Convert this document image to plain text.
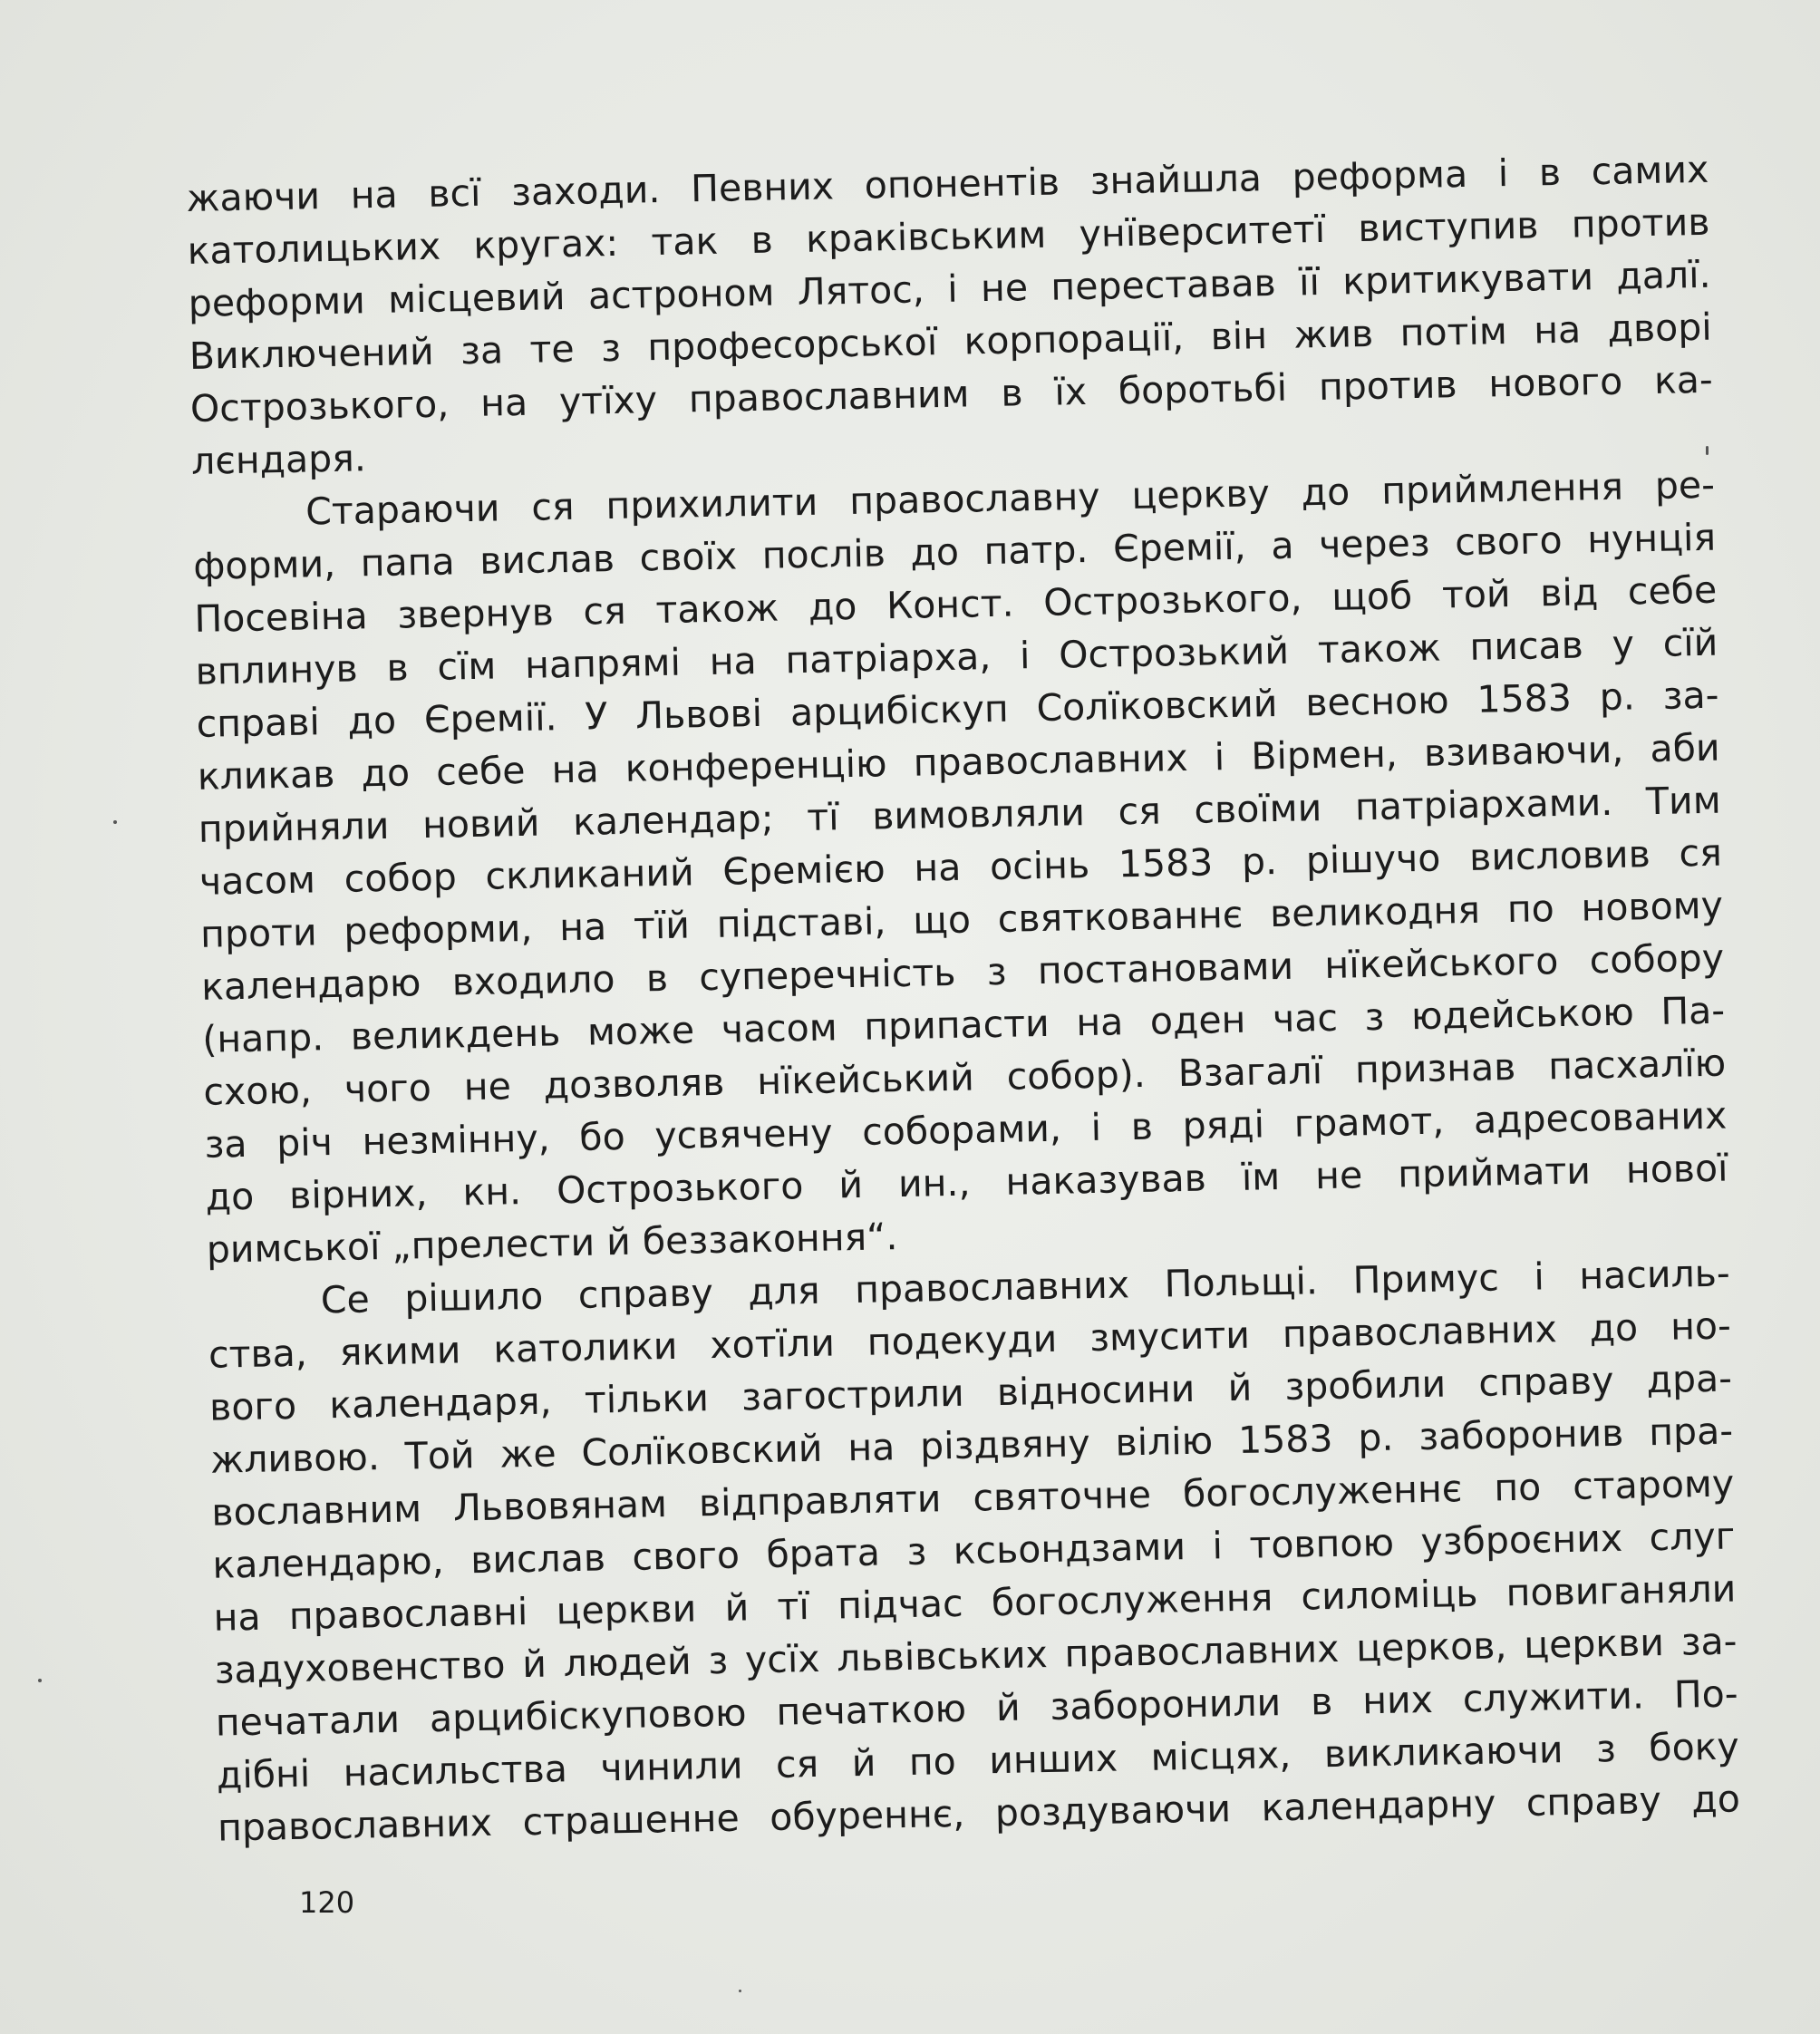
жаючи на всї заходи. Певних опонентів знайшла реформа і в самих
католицьких кругах: так в краківським унїверситетї виступив против
реформи місцевий астроном Лятос, і не переставав її критикувати далї.
Виключений за те з професорської корпорації, він жив потім на дворі
Острозького, на утїху православним в їх боротьбі против нового ка-
лєндаря.
Стараючи ся прихилити православну церкву до приймлення ре-
форми, папа вислав своїх послів до патр. Єремії, а через свого нунція
Посевіна звернув ся також до Конст. Острозького, щоб той від себе
вплинув в сїм напрямі на патріарха, і Острозький також писав у сїй
справі до Єремії. У Львові арцибіскуп Солїковский весною 1583 р. за-
кликав до себе на конференцію православних і Вірмен, взиваючи, аби
прийняли новий календар; тї вимовляли ся своїми патріархами. Тим
часом собор скликаний Єремією на осінь 1583 р. рішучо висловив ся
проти реформи, на тїй підставі, що святкованнє великодня по новому
календарю входило в суперечність з постановами нїкейського собору
(напр. великдень може часом припасти на оден час з юдейською Па-
схою, чого не дозволяв нїкейський собор). Взагалї признав пасхалїю
за річ незмінну, бо усвячену соборами, і в ряді грамот, адресованих
до вірних, кн. Острозького й ин., наказував їм не приймати нової
римської „прелести й беззаконня“.
Се рішило справу для православних Польщі. Примус і насиль-
ства, якими католики хотїли подекуди змусити православних до но-
вого календаря, тільки загострили відносини й зробили справу дра-
жливою. Той же Солїковский на різдвяну вілію 1583 р. заборонив пра-
вославним Львовянам відправляти святочне богослуженнє по старому
календарю, вислав свого брата з ксьондзами і товпою узброєних слуг
на православні церкви й тї підчас богослуження силоміць повиганяли
задуховенство й людей з усїх львівських православних церков, церкви за-
печатали арцибіскуповою печаткою й заборонили в них служити. По-
дібні насильства чинили ся й по инших місцях, викликаючи з боку
православних страшенне обуреннє, роздуваючи календарну справу до
120
